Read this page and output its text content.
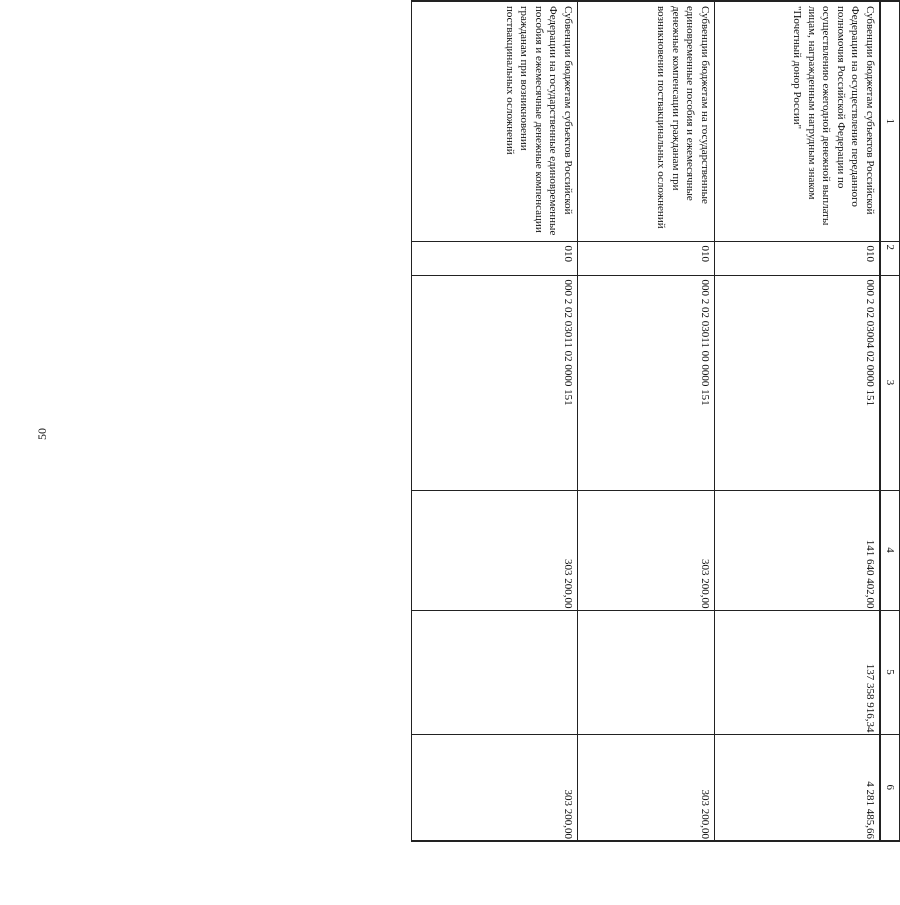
50
1	2	3	4	5	6
Субвенции бюджетам субъектов Российской Федерации на осуществление переданного полномочия Российской Федерации по осуществлению ежегодной денежной выплаты лицам, награжденным нагрудным знаком "Почетный донор России"	010	000 2 02 03004 02 0000 151	141 640 402,00	137 358 916,34	4 281 485,66
Субвенции бюджетам на государственные единовременные пособия и ежемесячные денежные компенсации гражданам при возникновении поствакцинальных осложнений	010	000 2 02 03011 00 0000 151	303 200,00		303 200,00
Субвенции бюджетам субъектов Российской Федерации на государственные единовременные пособия и ежемесячные денежные компенсации гражданам при возникновении поствакцинальных осложнений	010	000 2 02 03011 02 0000 151	303 200,00		303 200,00
